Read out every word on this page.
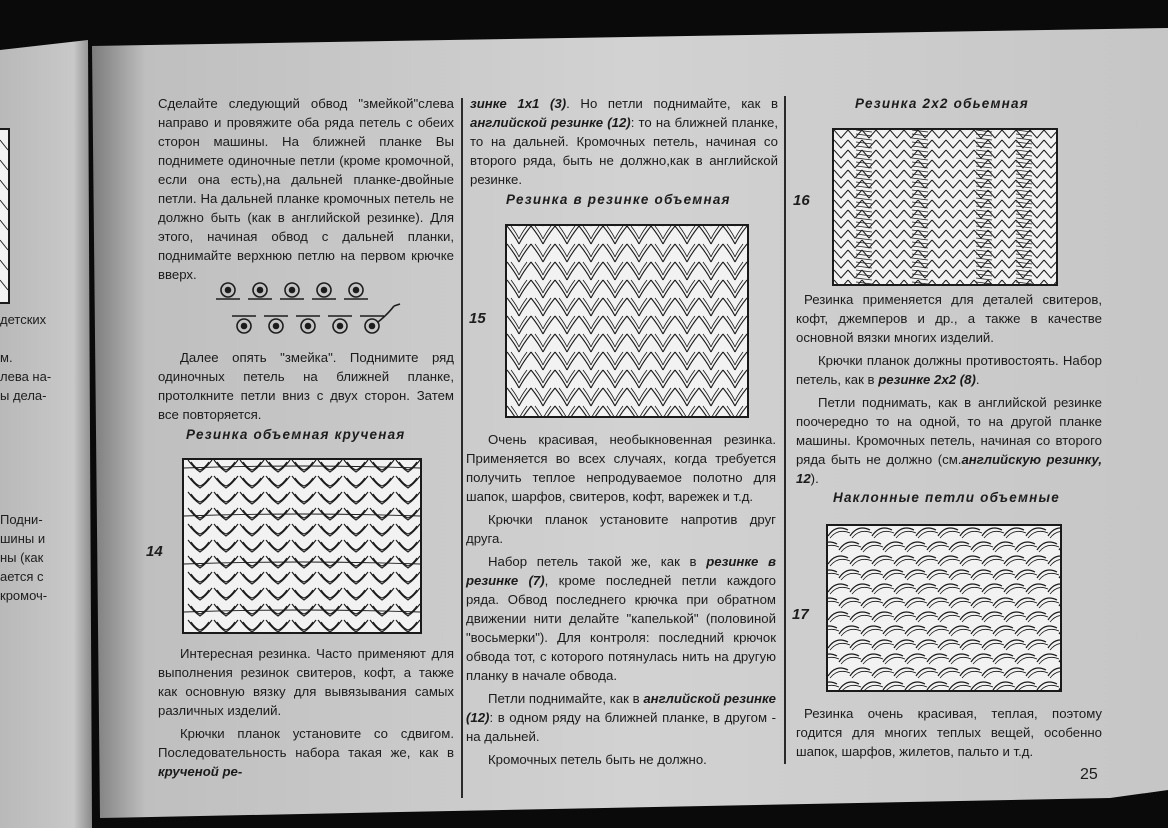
детских
м.
лева на-
ы дела-
Подни-
шины и
ны (как
ается с
кромоч-

Сделайте следующий обвод "змейкой"слева направо и провяжите оба ряда петель с обеих сторон машины. На ближней планке Вы поднимете одиночные петли (кроме кромочной, если она есть),на дальней планке-двойные петли. На дальней планке кромочных петель не должно быть (как в английской резинке). Для этого, начиная обвод с дальней планки, поднимайте верхнюю петлю на первом крючке вверх.

Далее опять "змейка". Поднимите ряд одиночных петель на ближней планке, протолкните петли вниз с двух сторон. Затем все повторяется.

Резинка объемная крученая
14

Интересная резинка. Часто применяют для выполнения резинок свитеров, кофт, а также как основную вязку для вывязывания самых различных изделий.

Крючки планок установите со сдвигом. Последовательность набора такая же, как в крученой ре-

зинке 1х1 (3). Но петли поднимайте, как в английской резинке (12): то на ближней планке, то на дальней. Кромочных петель, начиная со второго ряда, быть не должно,как в английской резинке.

Резинка в резинке объемная
15

Очень красивая, необыкновенная резинка. Применяется во всех случаях, когда требуется получить теплое непродуваемое полотно для шапок, шарфов, свитеров, кофт, варежек и т.д.

Крючки планок установите напротив друг друга.

Набор петель такой же, как в резинке в резинке (7), кроме последней петли каждого ряда. Обвод последнего крючка при обратном движении нити делайте "капелькой" (половиной "восьмерки"). Для контроля: последний крючок обвода тот, с которого потянулась нить на другую планку в начале обвода.

Петли поднимайте, как в английской резинке (12): в одном ряду на ближней планке, в другом - на дальней.

Кромочных петель быть не должно.

Резинка 2х2 обьемная
16

Резинка применяется для деталей свитеров, кофт, джемперов и др., а также в качестве основной вязки многих изделий.

Крючки планок должны противостоять. Набор петель, как в резинке 2х2 (8).

Петли поднимать, как в английской резинке поочередно то на одной, то на другой планке машины. Кромочных петель, начиная со второго ряда быть не должно (см.английскую резинку, 12).

Наклонные петли объемные
17

Резинка очень красивая, теплая, поэтому годится для многих теплых вещей, особенно шапок, шарфов, жилетов, пальто и т.д.

25
